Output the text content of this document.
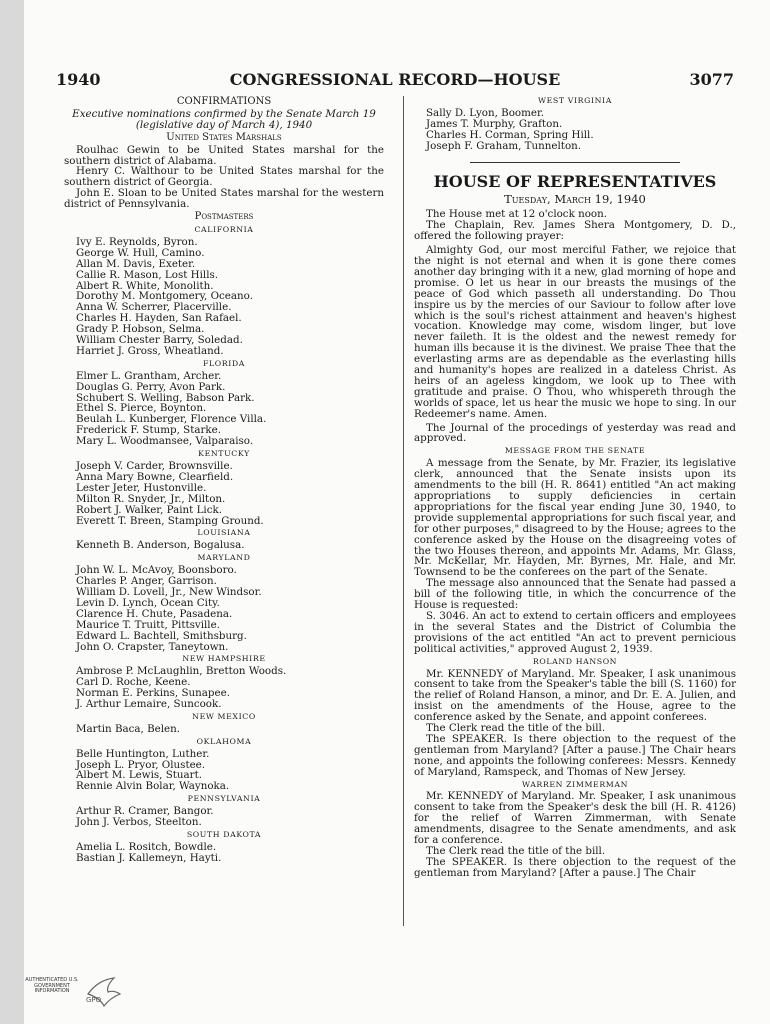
1940	CONGRESSIONAL RECORD—HOUSE	3077
CONFIRMATIONS
Executive nominations confirmed by the Senate March 19 (legislative day of March 4), 1940
United States Marshals

Roulhac Gewin to be United States marshal for the southern district of Alabama.

Henry C. Walthour to be United States marshal for the southern district of Georgia.

John E. Sloan to be United States marshal for the western district of Pennsylvania.

Postmasters
CALIFORNIA

Ivy E. Reynolds, Byron.

George W. Hull, Camino.

Allan M. Davis, Exeter.

Callie R. Mason, Lost Hills.

Albert R. White, Monolith.

Dorothy M. Montgomery, Oceano.

Anna W. Scherrer, Placerville.

Charles H. Hayden, San Rafael.

Grady P. Hobson, Selma.

William Chester Barry, Soledad.

Harriet J. Gross, Wheatland.

FLORIDA

Elmer L. Grantham, Archer.

Douglas G. Perry, Avon Park.

Schubert S. Welling, Babson Park.

Ethel S. Pierce, Boynton.

Beulah L. Kunberger, Florence Villa.

Frederick F. Stump, Starke.

Mary L. Woodmansee, Valparaiso.

KENTUCKY

Joseph V. Carder, Brownsville.

Anna Mary Bowne, Clearfield.

Lester Jeter, Hustonville.

Milton R. Snyder, Jr., Milton.

Robert J. Walker, Paint Lick.

Everett T. Breen, Stamping Ground.

LOUISIANA

Kenneth B. Anderson, Bogalusa.

MARYLAND

John W. L. McAvoy, Boonsboro.

Charles P. Anger, Garrison.

William D. Lovell, Jr., New Windsor.

Levin D. Lynch, Ocean City.

Clarence H. Chute, Pasadena.

Maurice T. Truitt, Pittsville.

Edward L. Bachtell, Smithsburg.

John O. Crapster, Taneytown.

NEW HAMPSHIRE

Ambrose P. McLaughlin, Bretton Woods.

Carl D. Roche, Keene.

Norman E. Perkins, Sunapee.

J. Arthur Lemaire, Suncook.

NEW MEXICO

Martin Baca, Belen.

OKLAHOMA

Belle Huntington, Luther.

Joseph L. Pryor, Olustee.

Albert M. Lewis, Stuart.

Rennie Alvin Bolar, Waynoka.

PENNSYLVANIA

Arthur R. Cramer, Bangor.

John J. Verbos, Steelton.

SOUTH DAKOTA

Amelia L. Rositch, Bowdle.

Bastian J. Kallemeyn, Hayti.

WEST VIRGINIA

Sally D. Lyon, Boomer.

James T. Murphy, Grafton.

Charles H. Corman, Spring Hill.

Joseph F. Graham, Tunnelton.

HOUSE OF REPRESENTATIVES
Tuesday, March 19, 1940

The House met at 12 o'clock noon.

The Chaplain, Rev. James Shera Montgomery, D. D., offered the following prayer:

Almighty God, our most merciful Father, we rejoice that the night is not eternal and when it is gone there comes another day bringing with it a new, glad morning of hope and promise. O let us hear in our breasts the musings of the peace of God which passeth all understanding. Do Thou inspire us by the mercies of our Saviour to follow after love which is the soul's richest attainment and heaven's highest vocation. Knowledge may come, wisdom linger, but love never faileth. It is the oldest and the newest remedy for human ills because it is the divinest. We praise Thee that the everlasting arms are as dependable as the everlasting hills and humanity's hopes are realized in a dateless Christ. As heirs of an ageless kingdom, we look up to Thee with gratitude and praise. O Thou, who whispereth through the worlds of space, let us hear the music we hope to sing. In our Redeemer's name. Amen.

The Journal of the procedings of yesterday was read and approved.

MESSAGE FROM THE SENATE

A message from the Senate, by Mr. Frazier, its legislative clerk, announced that the Senate insists upon its amendments to the bill (H. R. 8641) entitled "An act making appropriations to supply deficiencies in certain appropriations for the fiscal year ending June 30, 1940, to provide supplemental appropriations for such fiscal year, and for other purposes," disagreed to by the House; agrees to the conference asked by the House on the disagreeing votes of the two Houses thereon, and appoints Mr. Adams, Mr. Glass, Mr. McKellar, Mr. Hayden, Mr. Byrnes, Mr. Hale, and Mr. Townsend to be the conferees on the part of the Senate.

The message also announced that the Senate had passed a bill of the following title, in which the concurrence of the House is requested:

S. 3046. An act to extend to certain officers and employees in the several States and the District of Columbia the provisions of the act entitled "An act to prevent pernicious political activities," approved August 2, 1939.

ROLAND HANSON

Mr. KENNEDY of Maryland. Mr. Speaker, I ask unanimous consent to take from the Speaker's table the bill (S. 1160) for the relief of Roland Hanson, a minor, and Dr. E. A. Julien, and insist on the amendments of the House, agree to the conference asked by the Senate, and appoint conferees.

The Clerk read the title of the bill.

The SPEAKER. Is there objection to the request of the gentleman from Maryland? [After a pause.] The Chair hears none, and appoints the following conferees: Messrs. Kennedy of Maryland, Ramspeck, and Thomas of New Jersey.

WARREN ZIMMERMAN

Mr. KENNEDY of Maryland. Mr. Speaker, I ask unanimous consent to take from the Speaker's desk the bill (H. R. 4126) for the relief of Warren Zimmerman, with Senate amendments, disagree to the Senate amendments, and ask for a conference.

The Clerk read the title of the bill.

The SPEAKER. Is there objection to the request of the gentleman from Maryland? [After a pause.] The Chair

AUTHENTICATED U.S. GOVERNMENT INFORMATION
GPO
